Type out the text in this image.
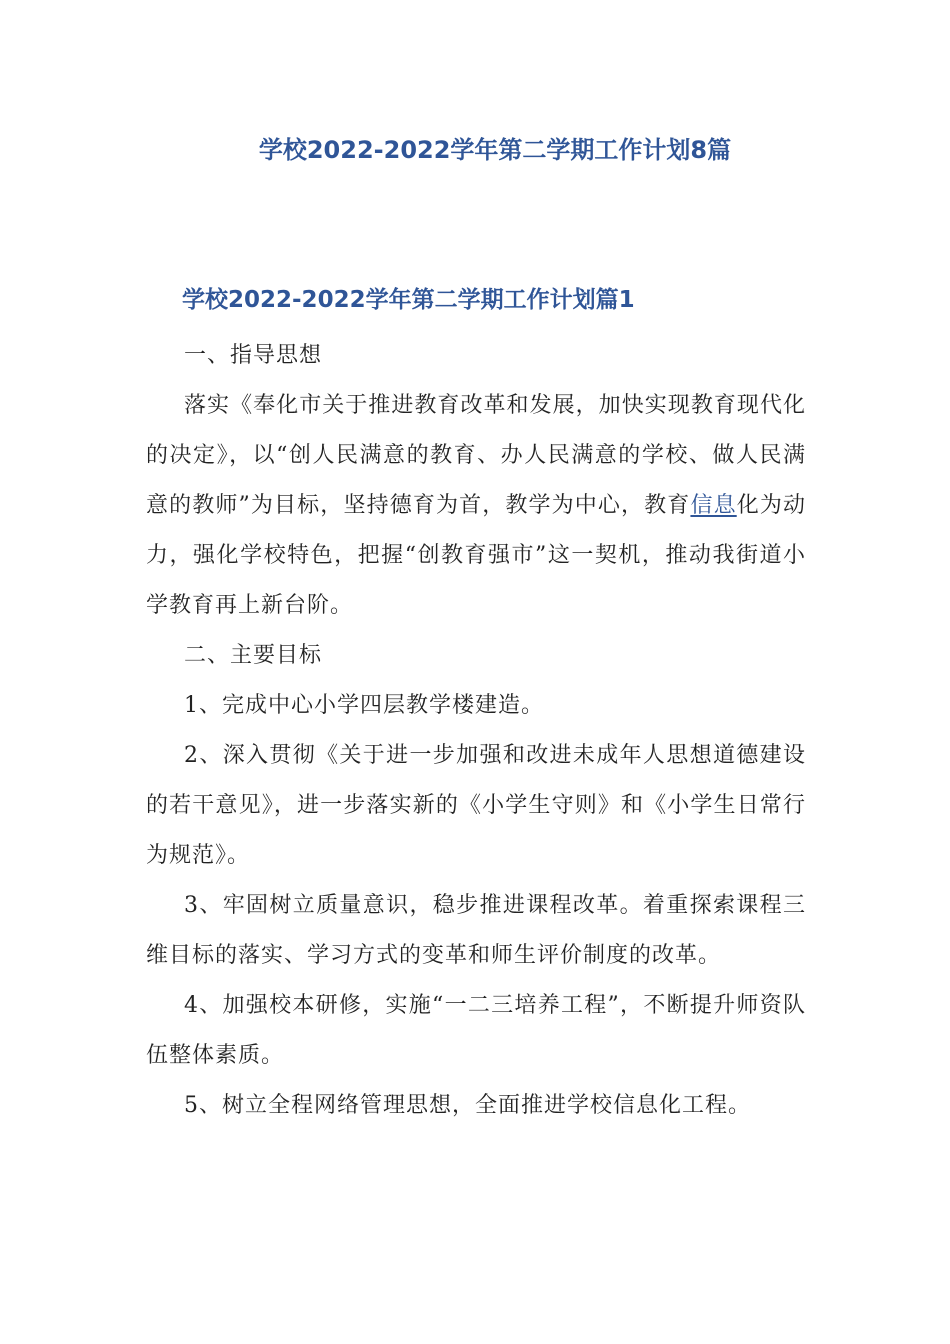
学校2022-2022学年第二学期工作计划8篇
学校2022-2022学年第二学期工作计划篇1

一、指导思想

落实《奉化市关于推进教育改革和发展，加快实现教育现代化的决定》，以“创人民满意的教育、办人民满意的学校、做人民满意的教师”为目标，坚持德育为首，教学为中心，教育信息化为动力，强化学校特色，把握“创教育强市”这一契机，推动我街道小学教育再上新台阶。

二、主要目标

1、完成中心小学四层教学楼建造。

2、深入贯彻《关于进一步加强和改进未成年人思想道德建设的若干意见》，进一步落实新的《小学生守则》和《小学生日常行为规范》。

3、牢固树立质量意识，稳步推进课程改革。着重探索课程三维目标的落实、学习方式的变革和师生评价制度的改革。

4、加强校本研修，实施“一二三培养工程”，不断提升师资队伍整体素质。

5、树立全程网络管理思想，全面推进学校信息化工程。
